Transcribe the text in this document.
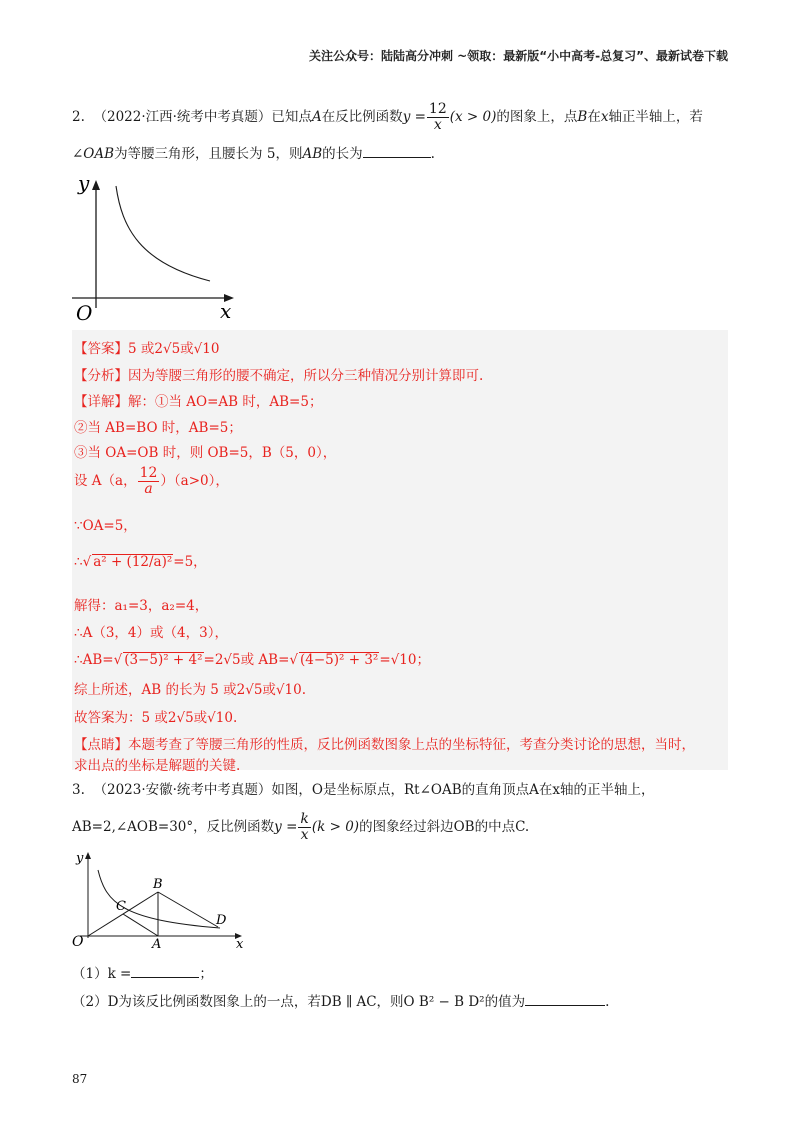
关注公众号：陆陆高分冲刺 ~领取：最新版“小中高考-总复习”、最新试卷下载
2. （2022·江西·统考中考真题）已知点A在反比例函数$y = \frac{12}{x} (x > 0)$的图象上，点B在x轴正半轴上，若
∠OAB为等腰三角形，且腰长为 5，则AB的长为	.
y
x
O
【答案】5 或2√5或√10
【分析】因为等腰三角形的腰不确定，所以分三种情况分别计算即可.
【详解】解：①当 AO=AB 时，AB=5；
②当 AB=BO 时，AB=5；
③当 OA=OB 时，则 OB=5，B（5，0），
设 A（a， $\frac{12}{a} )(a>0)$，
∵OA=5，
∴√ a² + (12/a)²=5，
解得：a₁=3，a₂=4，
∴A（3，4）或（4，3），
∴AB=√ (3−5)² + 4²=2√5或 AB=√ (4−5)² + 3²=√10；
综上所述，AB 的长为 5 或2√5或√10.
故答案为：5 或2√5或√10.
【点睛】本题考查了等腰三角形的性质，反比例函数图象上点的坐标特征，考查分类讨论的思想，当时，
求出点的坐标是解题的关键.
3. （2023·安徽·统考中考真题）如图，O是坐标原点，Rt∠OAB的直角顶点A在x轴的正半轴上，
AB=2,∠AOB=30°，反比例函数$y = \frac{k}{x} (k > 0)$的图象经过斜边OB的中点C.
y
x
O	A
B
C
D
（1）k =	；
（2）D为该反比例函数图象上的一点，若DB ∥ AC，则O B² − B D²的值为	.
87
